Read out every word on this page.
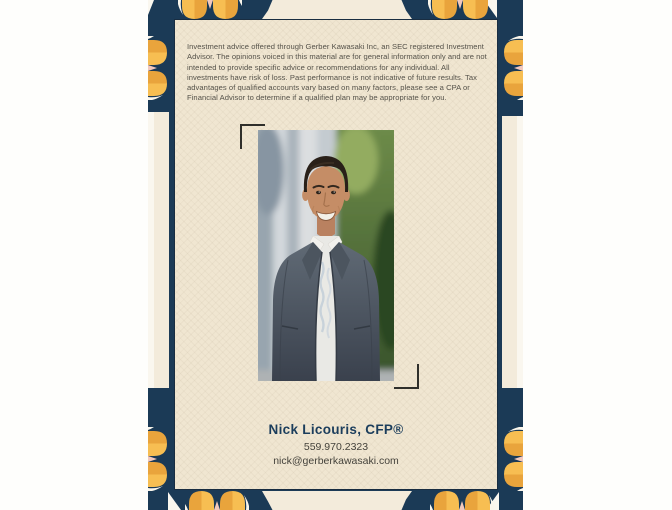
Investment advice offered through Gerber Kawasaki Inc, an SEC registered Investment Advisor. The opinions voiced in this material are for general information only and are not intended to provide specific advice or recommendations for any individual. All investments have risk of loss. Past performance is not indicative of future results. Tax advantages of qualified accounts vary based on many factors, please see a CPA or Financial Advisor to determine if a qualified plan may be appropriate for you.
Nick Licouris, CFP®
559.970.2323
nick@gerberkawasaki.com
